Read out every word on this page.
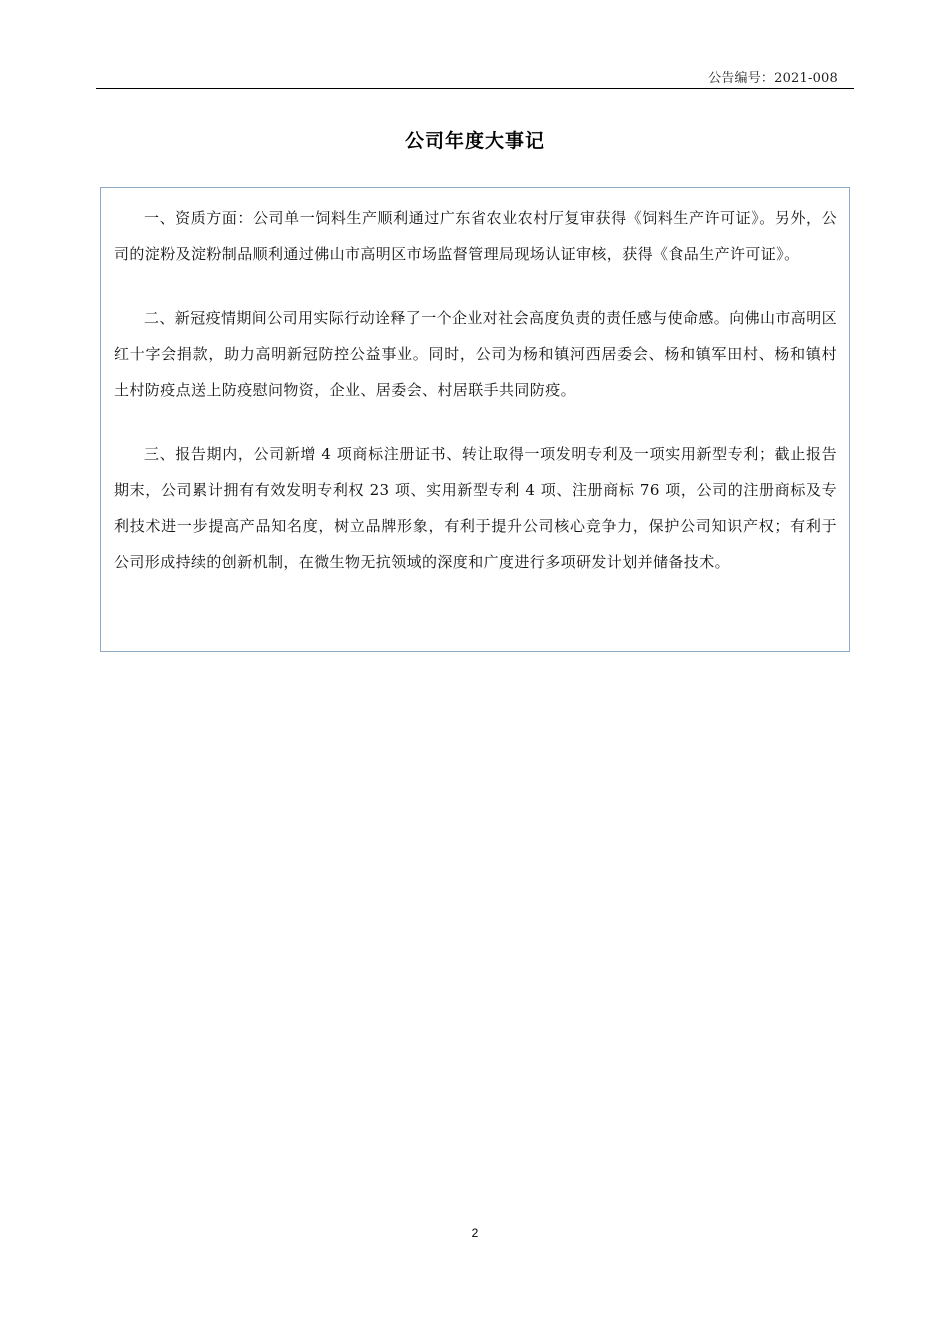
公告编号：2021-008
公司年度大事记

一、资质方面：公司单一饲料生产顺利通过广东省农业农村厅复审获得《饲料生产许可证》。另外，公司的淀粉及淀粉制品顺利通过佛山市高明区市场监督管理局现场认证审核，获得《食品生产许可证》。

二、新冠疫情期间公司用实际行动诠释了一个企业对社会高度负责的责任感与使命感。向佛山市高明区红十字会捐款，助力高明新冠防控公益事业。同时，公司为杨和镇河西居委会、杨和镇军田村、杨和镇村土村防疫点送上防疫慰问物资，企业、居委会、村居联手共同防疫。

三、报告期内，公司新增 4 项商标注册证书、转让取得一项发明专利及一项实用新型专利；截止报告期末，公司累计拥有有效发明专利权 23 项、实用新型专利 4 项、注册商标 76 项，公司的注册商标及专利技术进一步提高产品知名度，树立品牌形象，有利于提升公司核心竞争力，保护公司知识产权；有利于公司形成持续的创新机制，在微生物无抗领域的深度和广度进行多项研发计划并储备技术。

2
